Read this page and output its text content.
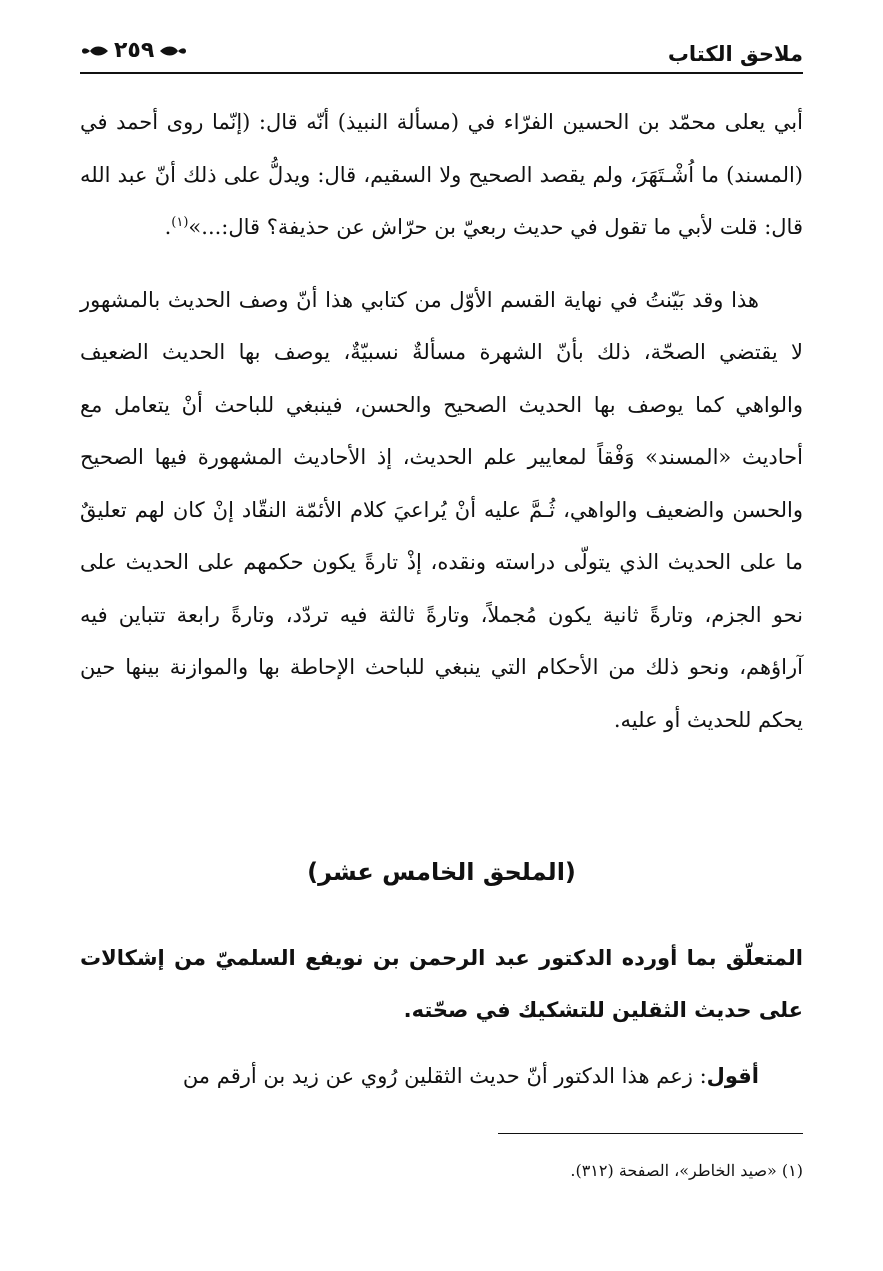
ملاحق الكتاب
٢٥٩

أبي يعلى محمّد بن الحسين الفرّاء في (مسألة النبيذ) أنّه قال: (إنّما روى أحمد في (المسند) ما اُشْـتَهَرَ، ولم يقصد الصحيح ولا السقيم، قال: ويدلُّ على ذلك أنّ عبد الله قال: قلت لأبي ما تقول في حديث ربعيّ بن حرّاش عن حذيفة؟ قال:...»$^{(١)}$.

هذا وقد بَيّنتُ في نهاية القسم الأوّل من كتابي هذا أنّ وصف الحديث بالمشهور لا يقتضي الصحّة، ذلك بأنّ الشهرة مسألةٌ نسبيّةٌ، يوصف بها الحديث الضعيف والواهي كما يوصف بها الحديث الصحيح والحسن، فينبغي للباحث أنْ يتعامل مع أحاديث «المسند» وَفْقاً لمعايير علم الحديث، إذ الأحاديث المشهورة فيها الصحيح والحسن والضعيف والواهي، ثُـمَّ عليه أنْ يُراعيَ كلام الأئمّة النقّاد إنْ كان لهم تعليقٌ ما على الحديث الذي يتولّى دراسته ونقده، إذْ تارةً يكون حكمهم على الحديث على نحو الجزم، وتارةً ثانية يكون مُجملاً، وتارةً ثالثة فيه تردّد، وتارةً رابعة تتباين فيه آراؤهم، ونحو ذلك من الأحكام التي ينبغي للباحث الإحاطة بها والموازنة بينها حين يحكم للحديث أو عليه.

(الملحق الخامس عشر)

المتعلّق بما أورده الدكتور عبد الرحمن بن نويفع السلميّ من إشكالات على حديث الثقلين للتشكيك في صحّته.

أقول: زعم هذا الدكتور أنّ حديث الثقلين رُوي عن زيد بن أرقم من

(١) «صيد الخاطر»، الصفحة (٣١٢).
